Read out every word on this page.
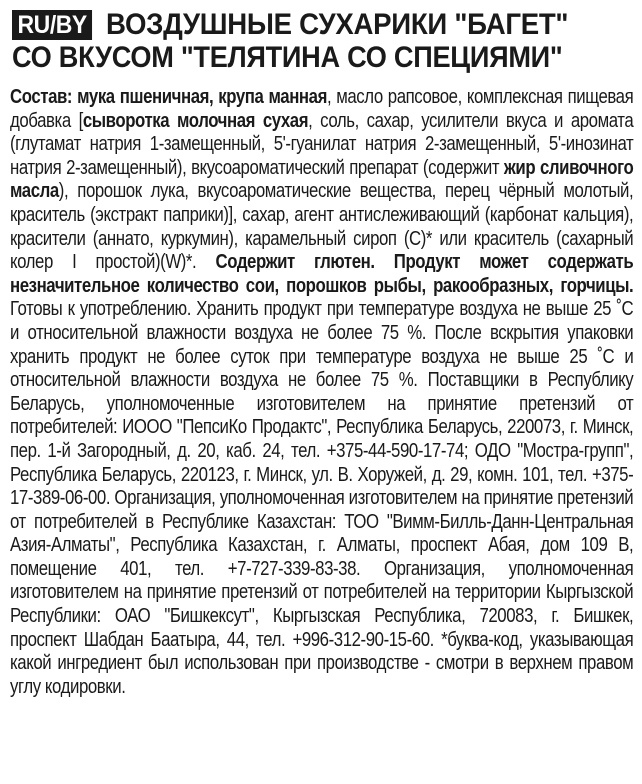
RU/BY ВОЗДУШНЫЕ СУХАРИКИ "БАГЕТ"
СО ВКУСОМ "ТЕЛЯТИНА СО СПЕЦИЯМИ"
Состав: мука пшеничная, крупа манная, масло рапсовое, комплексная пищевая добавка [сыворотка молочная сухая, соль, сахар, усилители вкуса и аромата (глутамат натрия 1-замещенный, 5'-гуанилат натрия 2-замещенный, 5'-инозинат натрия 2-замещенный), вкусоароматический препарат (содержит жир сливочного масла), порошок лука, вкусоароматические вещества, перец чёрный молотый, краситель (экстракт паприки)], сахар, агент антислеживающий (карбонат кальция), красители (аннато, куркумин), карамельный сироп (С)* или краситель (сахарный колер I простой)(W)*. Содержит глютен. Продукт может содержать незначительное количество сои, порошков рыбы, ракообразных, горчицы. Готовы к употреблению. Хранить продукт при температуре воздуха не выше 25 ˚С и относительной влажности воздуха не более 75 %. После вскрытия упаковки хранить продукт не более суток при температуре воздуха не выше 25 ˚С и относительной влажности воздуха не более 75 %. Поставщики в Республику Беларусь, уполномоченные изготовителем на принятие претензий от потребителей: ИООО "ПепсиКо Продактс", Республика Беларусь, 220073, г. Минск, пер. 1-й Загородный, д. 20, каб. 24, тел. +375-44-590-17-74; ОДО "Мостра-групп", Республика Беларусь, 220123, г. Минск, ул. В. Хоружей, д. 29, комн. 101, тел. +375-17-389-06-00. Организация, уполномоченная изготовителем на принятие претензий от потребителей в Республике Казахстан: ТОО "Вимм-Билль-Данн-Центральная Азия-Алматы", Республика Казахстан, г. Алматы, проспект Абая, дом 109 В, помещение 401, тел. +7-727-339-83-38. Организация, уполномоченная изготовителем на принятие претензий от потребителей на территории Кыргызской Республики: ОАО "Бишкексут", Кыргызская Республика, 720083, г. Бишкек, проспект Шабдан Баатыра, 44, тел. +996-312-90-15-60. *буква-код, указывающая какой ингредиент был использован при производстве - смотри в верхнем правом углу кодировки.
